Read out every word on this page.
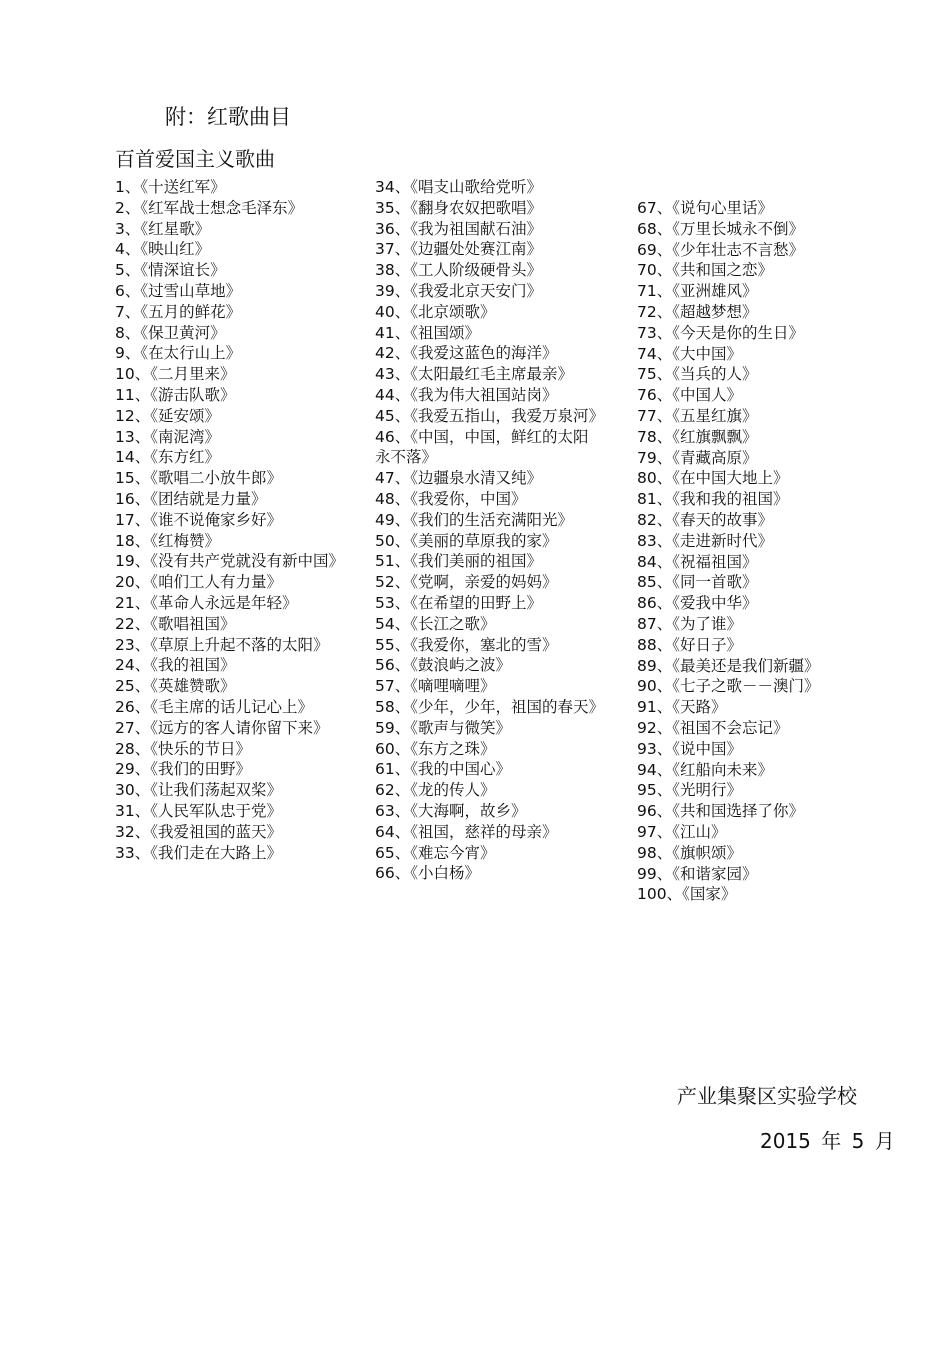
附：红歌曲目
百首爱国主义歌曲
1、《十送红军》
2、《红军战士想念毛泽东》
3、《红星歌》
4、《映山红》
5、《情深谊长》
6、《过雪山草地》
7、《五月的鲜花》
8、《保卫黄河》
9、《在太行山上》
10、《二月里来》
11、《游击队歌》
12、《延安颂》
13、《南泥湾》
14、《东方红》
15、《歌唱二小放牛郎》
16、《团结就是力量》
17、《谁不说俺家乡好》
18、《红梅赞》
19、《没有共产党就没有新中国》
20、《咱们工人有力量》
21、《革命人永远是年轻》
22、《歌唱祖国》
23、《草原上升起不落的太阳》
24、《我的祖国》
25、《英雄赞歌》
26、《毛主席的话儿记心上》
27、《远方的客人请你留下来》
28、《快乐的节日》
29、《我们的田野》
30、《让我们荡起双桨》
31、《人民军队忠于党》
32、《我爱祖国的蓝天》
33、《我们走在大路上》
34、《唱支山歌给党听》
35、《翻身农奴把歌唱》
36、《我为祖国献石油》
37、《边疆处处赛江南》
38、《工人阶级硬骨头》
39、《我爱北京天安门》
40、《北京颂歌》
41、《祖国颂》
42、《我爱这蓝色的海洋》
43、《太阳最红毛主席最亲》
44、《我为伟大祖国站岗》
45、《我爱五指山，我爱万泉河》
46、《中国，中国，鲜红的太阳永不落》
47、《边疆泉水清又纯》
48、《我爱你，中国》
49、《我们的生活充满阳光》
50、《美丽的草原我的家》
51、《我们美丽的祖国》
52、《党啊，亲爱的妈妈》
53、《在希望的田野上》
54、《长江之歌》
55、《我爱你，塞北的雪》
56、《鼓浪屿之波》
57、《嘀哩嘀哩》
58、《少年，少年，祖国的春天》
59、《歌声与微笑》
60、《东方之珠》
61、《我的中国心》
62、《龙的传人》
63、《大海啊，故乡》
64、《祖国，慈祥的母亲》
65、《难忘今宵》
66、《小白杨》
67、《说句心里话》
68、《万里长城永不倒》
69、《少年壮志不言愁》
70、《共和国之恋》
71、《亚洲雄风》
72、《超越梦想》
73、《今天是你的生日》
74、《大中国》
75、《当兵的人》
76、《中国人》
77、《五星红旗》
78、《红旗飘飘》
79、《青藏高原》
80、《在中国大地上》
81、《我和我的祖国》
82、《春天的故事》
83、《走进新时代》
84、《祝福祖国》
85、《同一首歌》
86、《爱我中华》
87、《为了谁》
88、《好日子》
89、《最美还是我们新疆》
90、《七子之歌－－澳门》
91、《天路》
92、《祖国不会忘记》
93、《说中国》
94、《红船向未来》
95、《光明行》
96、《共和国选择了你》
97、《江山》
98、《旗帜颂》
99、《和谐家园》
100、《国家》
产业集聚区实验学校
2015 年 5 月
